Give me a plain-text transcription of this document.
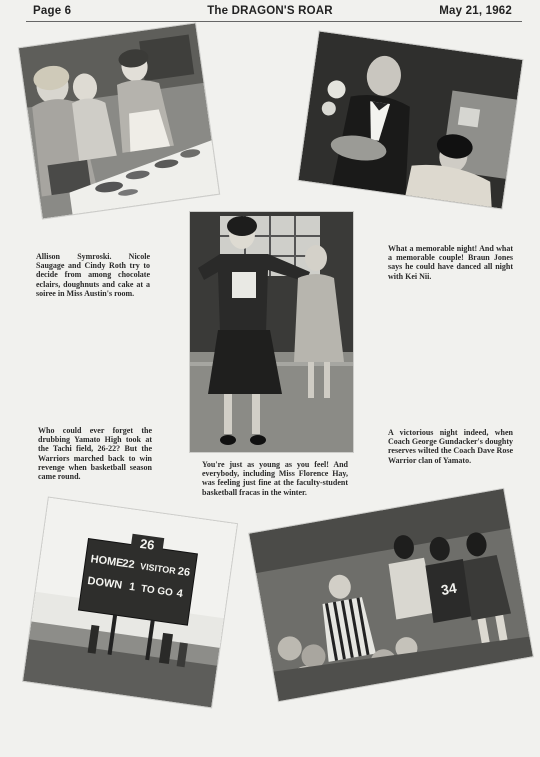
Page 6	The DRAGON'S ROAR	May 21, 1962
26
HOME
22 VISITOR 26
DOWN 1 TO GO 4	34

Allison Symroski. Nicole Saugage and Cindy Roth try to decide from among chocolate eclairs, doughnuts and cake at a soiree in Miss Austin's room.

What a memorable night! And what a memorable couple! Braun Jones says he could have danced all night with Kei Nii.

Who could ever forget the drubbing Yamato High took at the Tachi field, 26-22? But the Warriors marched back to win revenge when basketball season came round.

You're just as young as you feel! And everybody, including Miss Florence Hay, was feeling just fine at the faculty-student basketball fracas in the winter.

A victorious night indeed, when Coach George Gundacker's doughty reserves wilted the Coach Dave Rose Warrior clan of Yamato.
